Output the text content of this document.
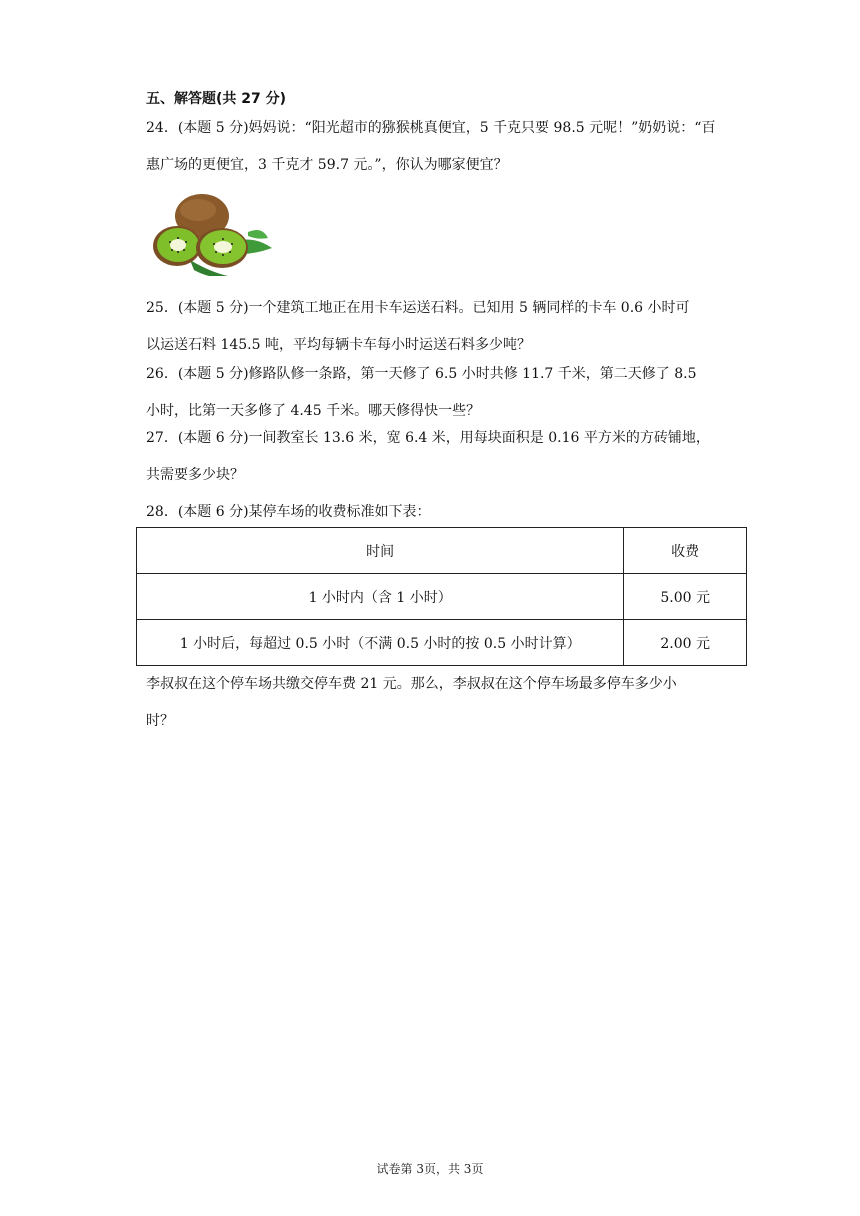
五、解答题(共 27 分)
24．(本题 5 分)妈妈说：“阳光超市的猕猴桃真便宜，5 千克只要 98.5 元呢！”奶奶说：“百
惠广场的更便宜，3 千克才 59.7 元。”，你认为哪家便宜？
25．(本题 5 分)一个建筑工地正在用卡车运送石料。已知用 5 辆同样的卡车 0.6 小时可
以运送石料 145.5 吨，平均每辆卡车每小时运送石料多少吨？
26．(本题 5 分)修路队修一条路，第一天修了 6.5 小时共修 11.7 千米，第二天修了 8.5
小时，比第一天多修了 4.45 千米。哪天修得快一些？
27．(本题 6 分)一间教室长 13.6 米，宽 6.4 米，用每块面积是 0.16 平方米的方砖铺地，
共需要多少块？
28．(本题 6 分)某停车场的收费标准如下表：
时间	收费
1 小时内（含 1 小时）	5.00 元
1 小时后，每超过 0.5 小时（不满 0.5 小时的按 0.5 小时计算）	2.00 元
李叔叔在这个停车场共缴交停车费 21 元。那么，李叔叔在这个停车场最多停车多少小
时？
试卷第 3页，共 3页
